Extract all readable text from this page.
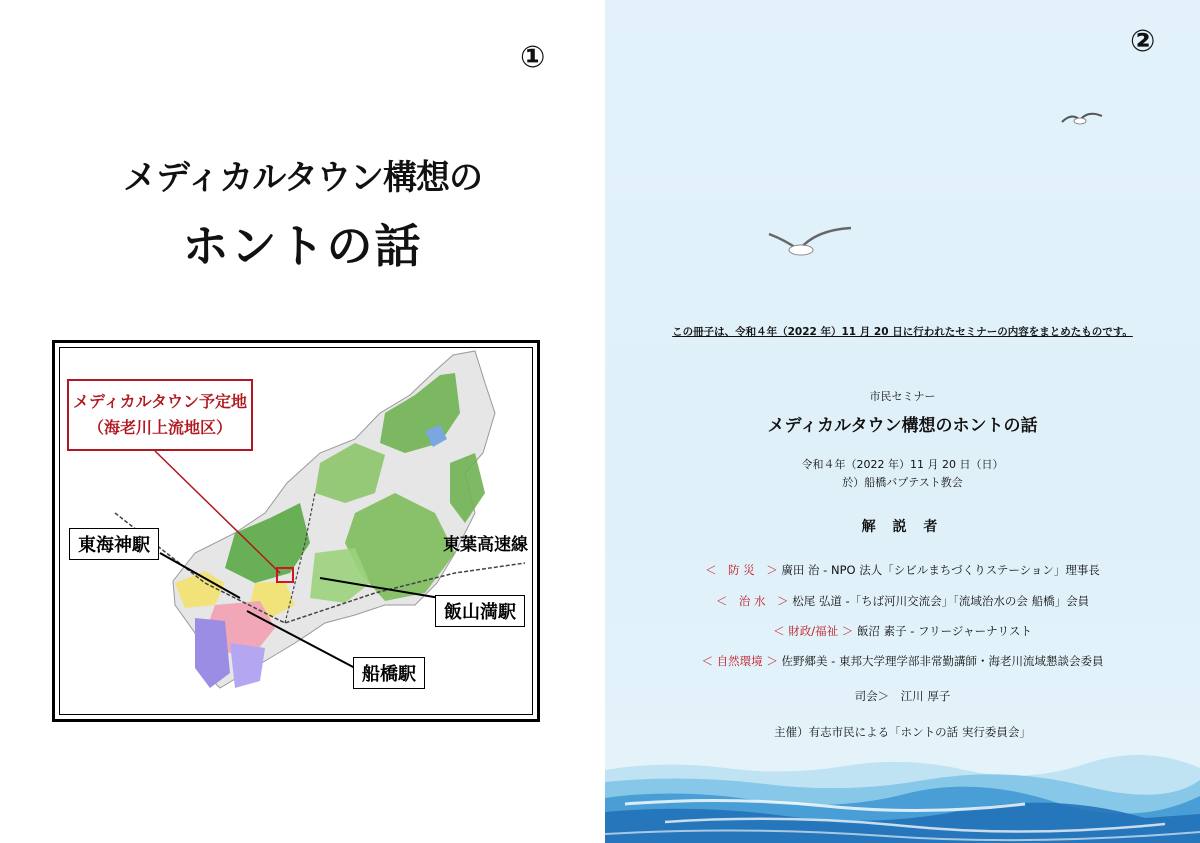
①
メディカルタウン構想の
ホントの話
メディカルタウン予定地
（海老川上流地区）
東海神駅	東葉高速線
飯山満駅
船橋駅
②
この冊子は、令和４年（2022 年）11 月 20 日に行われたセミナーの内容をまとめたものです。
市民セミナー
メディカルタウン構想のホントの話
令和４年（2022 年）11 月 20 日（日）
於）船橋バプテスト教会
解 説 者
＜　防 災　＞ 廣田 治 - NPO 法人「シビルまちづくりステーション」理事長
＜　治 水　＞ 松尾 弘道 -「ちば河川交流会」「流域治水の会 船橋」会員
＜ 財政/福祉 ＞ 飯沼 素子 - フリージャーナリスト
＜ 自然環境 ＞ 佐野郷美 - 東邦大学理学部非常勤講師・海老川流域懇談会委員
司会＞　江川 厚子
主催）有志市民による「ホントの話 実行委員会」
